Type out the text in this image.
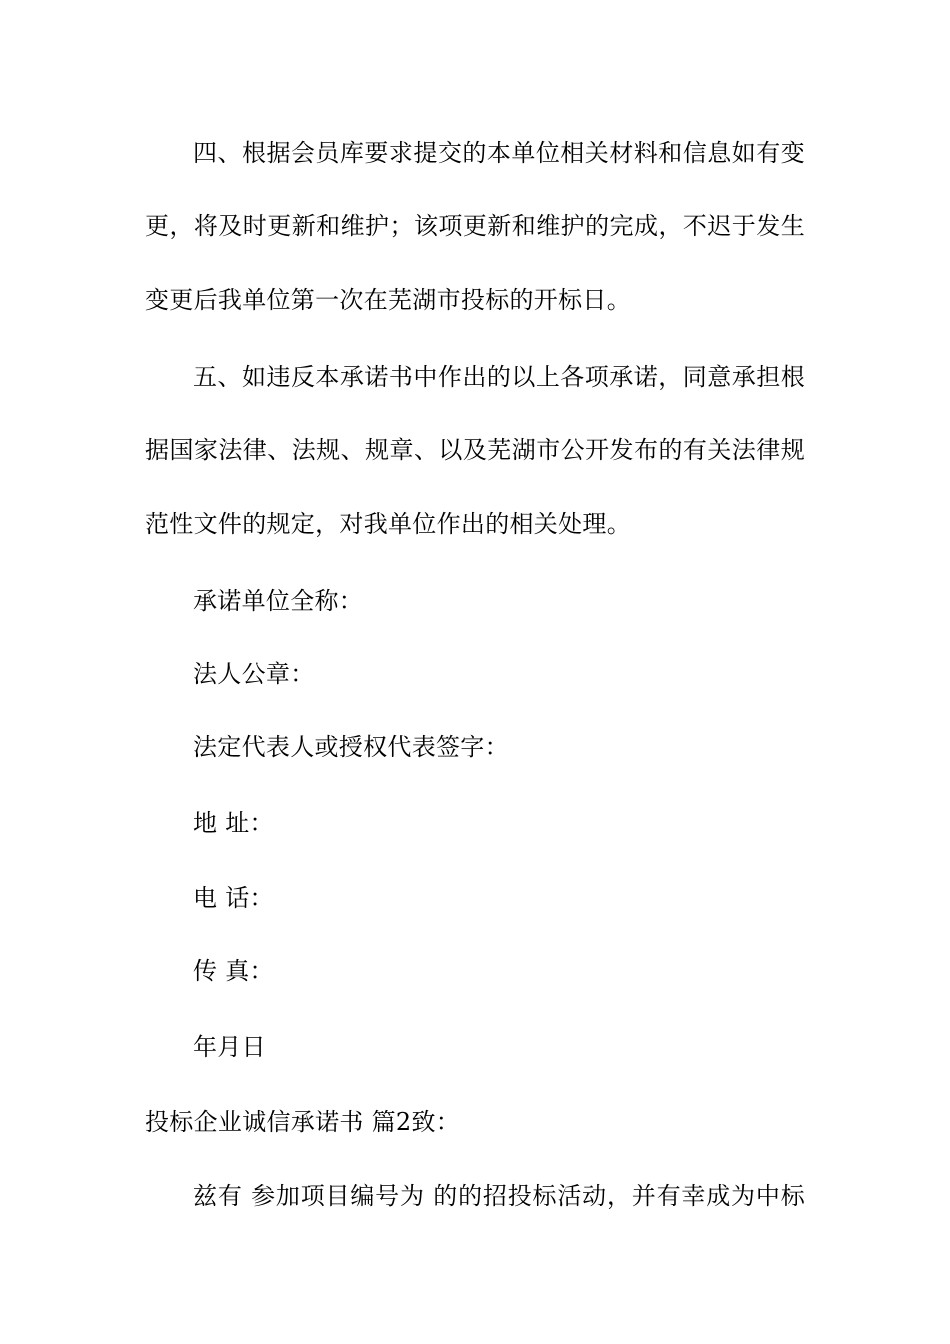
四、根据会员库要求提交的本单位相关材料和信息如有变
更，将及时更新和维护；该项更新和维护的完成，不迟于发生
变更后我单位第一次在芜湖市投标的开标日。
五、如违反本承诺书中作出的以上各项承诺，同意承担根
据国家法律、法规、规章、以及芜湖市公开发布的有关法律规
范性文件的规定，对我单位作出的相关处理。
承诺单位全称：
法人公章：
法定代表人或授权代表签字：
地 址：
电 话：
传 真：
年月日
投标企业诚信承诺书 篇2致：
兹有 参加项目编号为 的的招投标活动，并有幸成为中标
